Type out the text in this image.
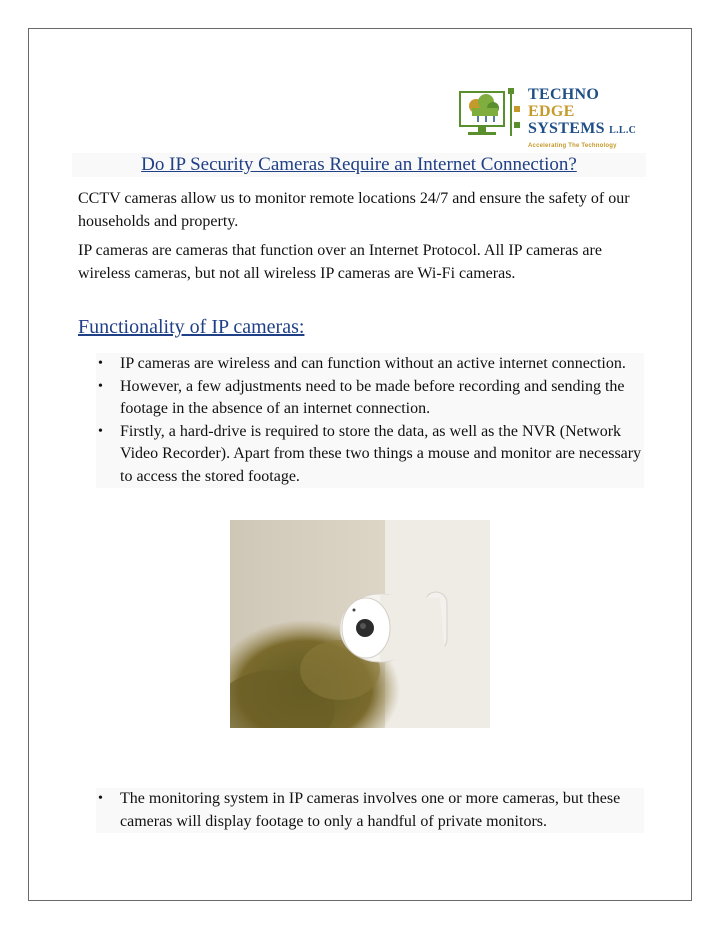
TECHNO
EDGE
SYSTEMS L.L.C
Accelerating The Technology
Do IP Security Cameras Require an Internet Connection?
CCTV cameras allow us to monitor remote locations 24/7 and ensure the safety of our households and property.
IP cameras are cameras that function over an Internet Protocol. All IP cameras are wireless cameras, but not all wireless IP cameras are Wi-Fi cameras.
Functionality of IP cameras:
• IP cameras are wireless and can function without an active internet connection.
• However, a few adjustments need to be made before recording and sending the footage in the absence of an internet connection.
• Firstly, a hard-drive is required to store the data, as well as the NVR (Network Video Recorder). Apart from these two things a mouse and monitor are necessary to access the stored footage.
• The monitoring system in IP cameras involves one or more cameras, but these cameras will display footage to only a handful of private monitors.
